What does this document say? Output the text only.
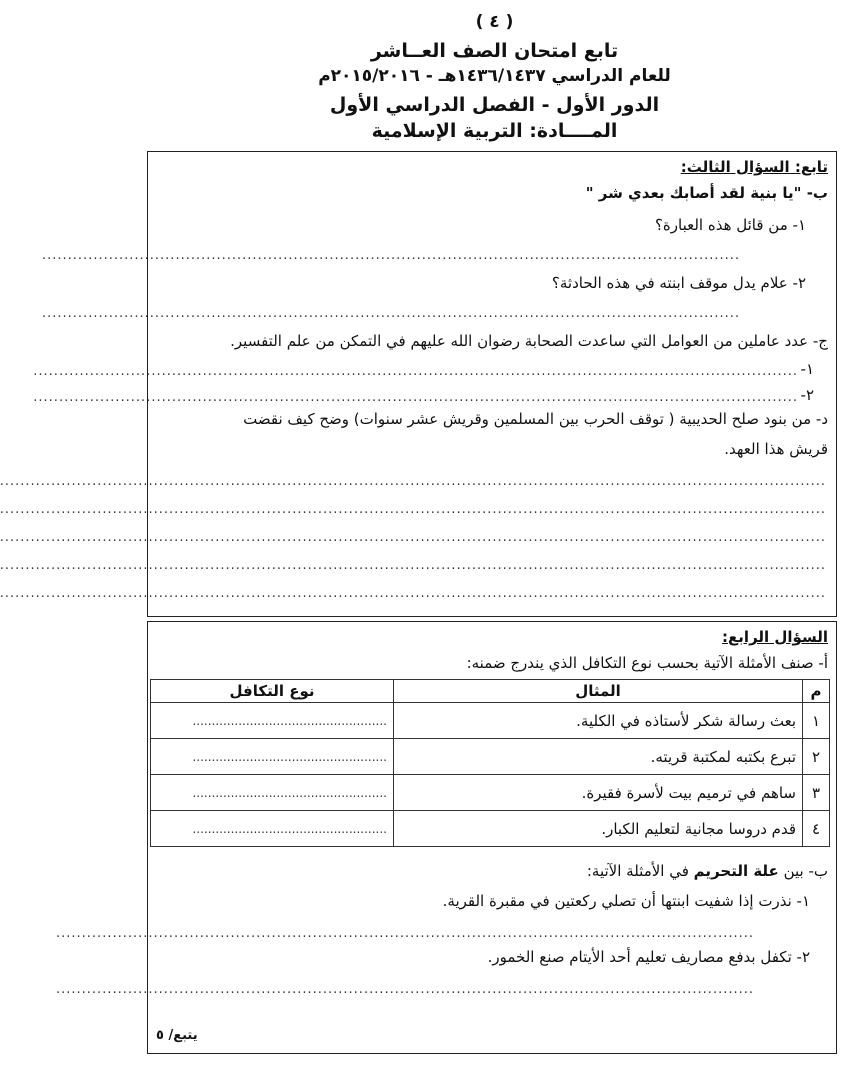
( ٤ )
تابع امتحان الصف العــاشر
للعام الدراسي ١٤٣٦/١٤٣٧هـ - ٢٠١٥/٢٠١٦م
الدور الأول - الفصل الدراسي الأول
المــــادة: التربية الإسلامية
تابع: السؤال الثالث:
ب- "يا بنية لقد أصابك بعدي شر "
١- من قائل هذه العبارة؟
........................................................................................................................................
٢- علام يدل موقف ابنته في هذه الحادثة؟
........................................................................................................................................
ج- عدد عاملين من العوامل التي ساعدت الصحابة رضوان الله عليهم في التمكن من علم التفسير.
١-
.....................................................................................................................................................
٢-
.....................................................................................................................................................
د- من بنود صلح الحديبية ( توقف الحرب بين المسلمين وقريش عشر سنوات) وضح كيف نقضت
قريش هذا العهد.
.................................................................................................................................................................
.................................................................................................................................................................
.................................................................................................................................................................
.................................................................................................................................................................
.................................................................................................................................................................
السؤال الرابع:
أ- صنف الأمثلة الآتية بحسب نوع التكافل الذي يندرج ضمنه:
م	المثال	نوع التكافل
١	بعث رسالة شكر لأستاذه في الكلية.	...................................................
٢	تبرع بكتبه لمكتبة قريته.	...................................................
٣	ساهم في ترميم بيت لأسرة فقيرة.	...................................................
٤	قدم دروسا مجانية لتعليم الكبار.	...................................................
ب- بين علة التحريم في الأمثلة الآتية:
١- نذرت إذا شفيت ابنتها أن تصلي ركعتين في مقبرة القرية.
........................................................................................................................................
٢- تكفل بدفع مصاريف تعليم أحد الأيتام صنع الخمور.
........................................................................................................................................
يتبع/ ٥
